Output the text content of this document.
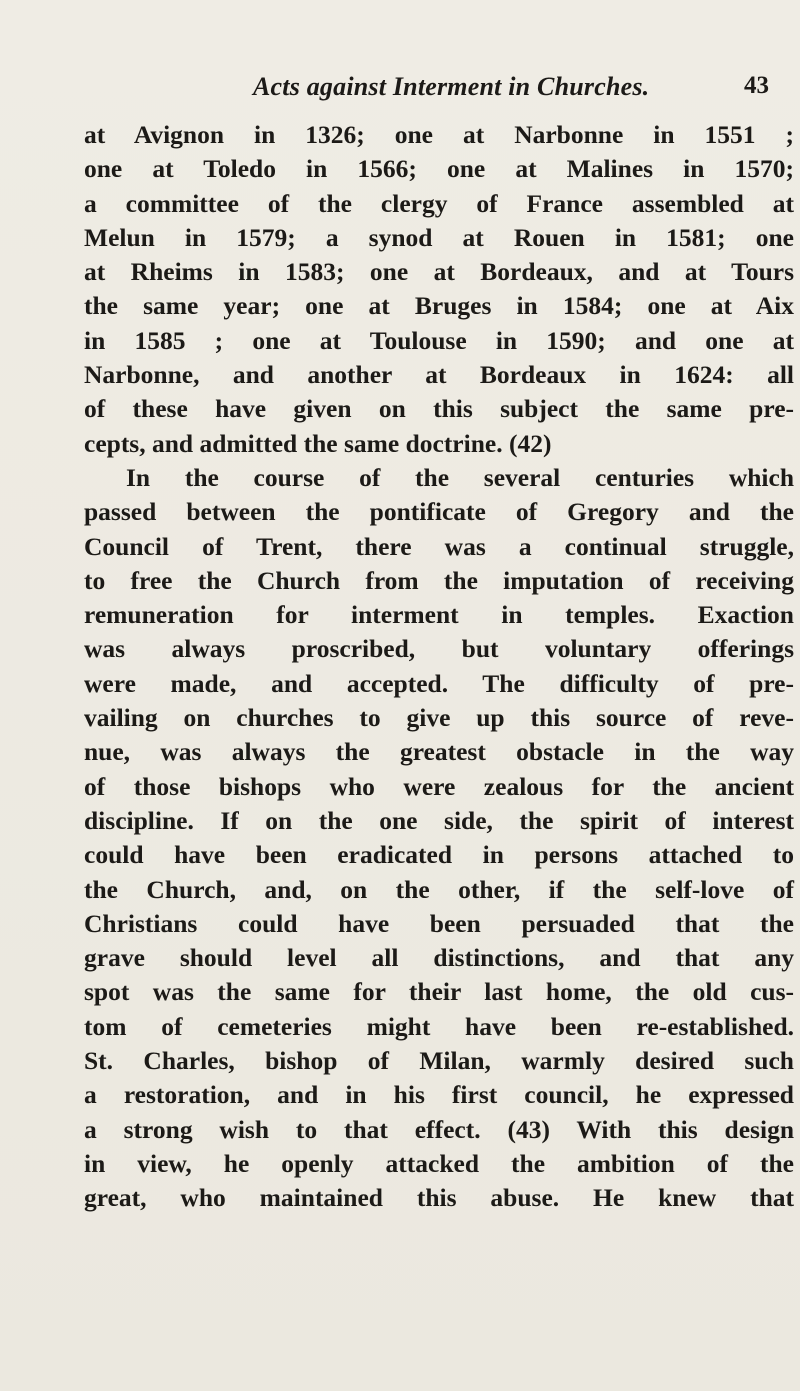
Acts against Interment in Churches.	43
at Avignon in 1326; one at Narbonne in 1551 ;
one at Toledo in 1566; one at Malines in 1570;
a committee of the clergy of France assembled at
Melun in 1579; a synod at Rouen in 1581; one
at Rheims in 1583; one at Bordeaux, and at Tours
the same year; one at Bruges in 1584; one at Aix
in 1585 ; one at Toulouse in 1590; and one at
Narbonne, and another at Bordeaux in 1624: all
of these have given on this subject the same pre-
cepts, and admitted the same doctrine. (42)
In the course of the several centuries which
passed between the pontificate of Gregory and the
Council of Trent, there was a continual struggle,
to free the Church from the imputation of receiving
remuneration for interment in temples. Exaction
was always proscribed, but voluntary offerings
were made, and accepted. The difficulty of pre-
vailing on churches to give up this source of reve-
nue, was always the greatest obstacle in the way
of those bishops who were zealous for the ancient
discipline. If on the one side, the spirit of interest
could have been eradicated in persons attached to
the Church, and, on the other, if the self-love of
Christians could have been persuaded that the
grave should level all distinctions, and that any
spot was the same for their last home, the old cus-
tom of cemeteries might have been re-established.
St. Charles, bishop of Milan, warmly desired such
a restoration, and in his first council, he expressed
a strong wish to that effect. (43) With this design
in view, he openly attacked the ambition of the
great, who maintained this abuse. He knew that
